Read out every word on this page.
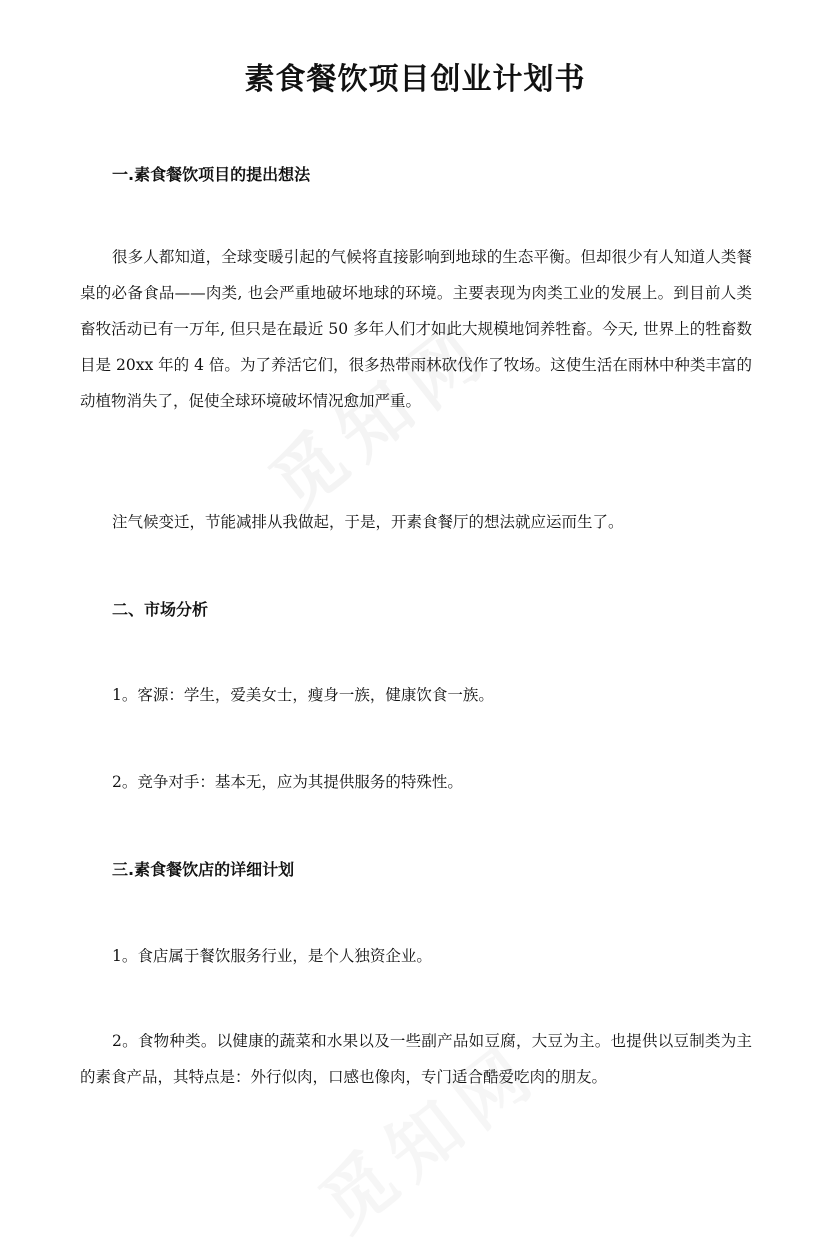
素食餐饮项目创业计划书
一.素食餐饮项目的提出想法

很多人都知道，全球变暖引起的气候将直接影响到地球的生态平衡。但却很少有人知道人类餐桌的必备食品——肉类, 也会严重地破坏地球的环境。主要表现为肉类工业的发展上。到目前人类畜牧活动已有一万年, 但只是在最近 50 多年人们才如此大规模地饲养牲畜。今天, 世界上的牲畜数目是 20xx 年的 4 倍。为了养活它们，很多热带雨林砍伐作了牧场。这使生活在雨林中种类丰富的动植物消失了，促使全球环境破坏情况愈加严重。

注气候变迁，节能减排从我做起，于是，开素食餐厅的想法就应运而生了。

二、市场分析
1。客源：学生，爱美女士，瘦身一族，健康饮食一族。
2。竞争对手：基本无，应为其提供服务的特殊性。
三.素食餐饮店的详细计划
1。食店属于餐饮服务行业，是个人独资企业。

2。食物种类。以健康的蔬菜和水果以及一些副产品如豆腐，大豆为主。也提供以豆制类为主的素食产品，其特点是：外行似肉，口感也像肉，专门适合酷爱吃肉的朋友。
